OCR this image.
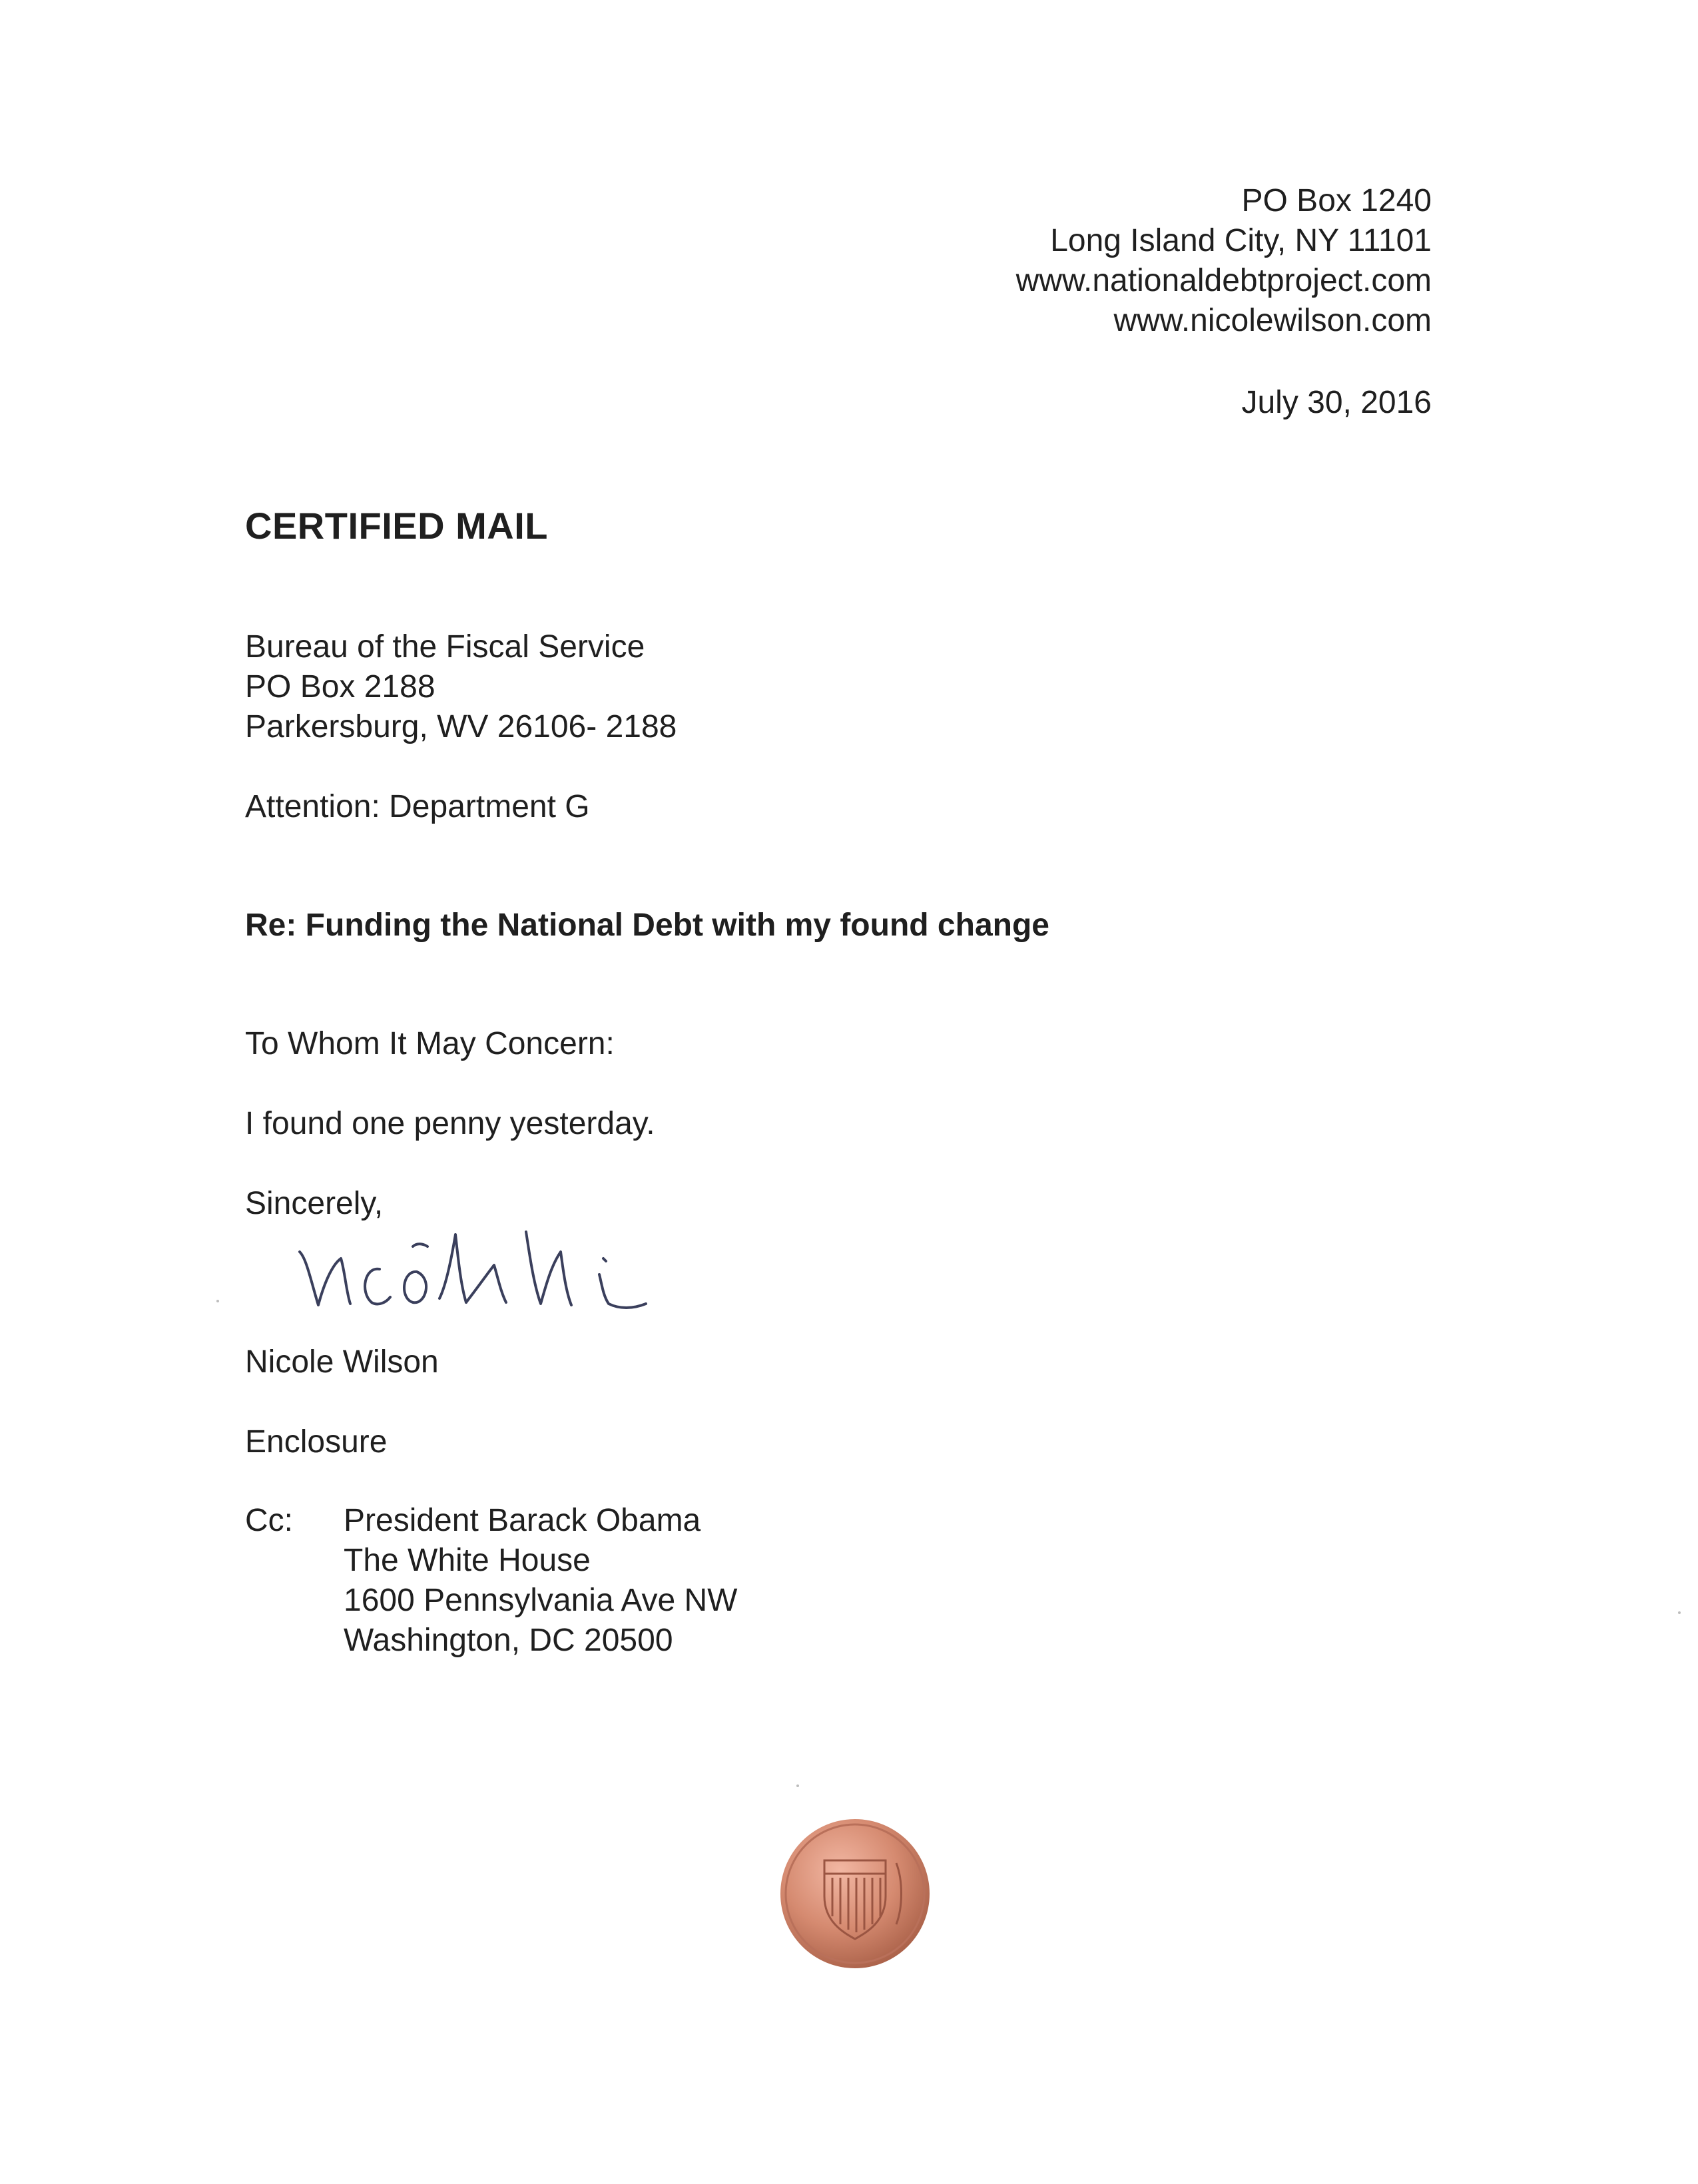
PO Box 1240
Long Island City, NY 11101
www.nationaldebtproject.com
www.nicolewilson.com
July 30, 2016
CERTIFIED MAIL
Bureau of the Fiscal Service
PO Box 2188
Parkersburg, WV 26106- 2188
Attention: Department G
Re: Funding the National Debt with my found change
To Whom It May Concern:
I found one penny yesterday.
Sincerely,
Nicole Wilson
Enclosure
Cc: President Barack Obama
The White House
1600 Pennsylvania Ave NW
Washington, DC 20500
